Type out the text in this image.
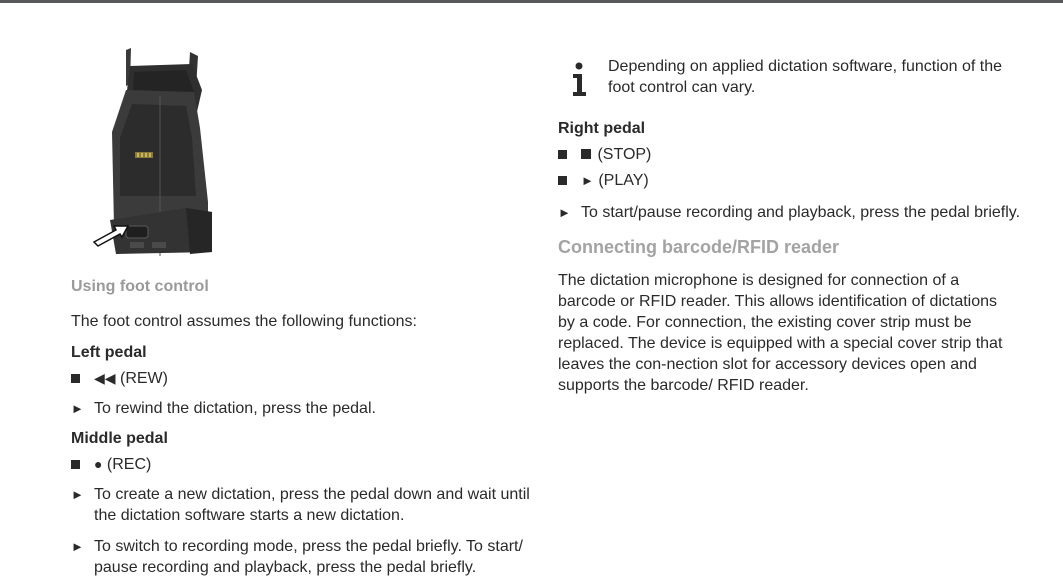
Using foot control
The foot control assumes the following functions:
Left pedal
◀◀ (REW)
► To rewind the dictation, press the pedal.
Middle pedal
● (REC)
► To create a new dictation, press the pedal down and wait until the dictation software starts a new dictation.
► To switch to recording mode, press the pedal briefly. To start/ pause recording and playback, press the pedal briefly.
Depending on applied dictation software, function of the foot control can vary.
Right pedal
(STOP)
► (PLAY)
► To start/pause recording and playback, press the pedal briefly.
Connecting barcode/RFID reader
The dictation microphone is designed for connection of a barcode or RFID reader. This allows identification of dictations by a code. For connection, the existing cover strip must be replaced. The device is equipped with a special cover strip that leaves the con-nection slot for accessory devices open and supports the barcode/ RFID reader.
